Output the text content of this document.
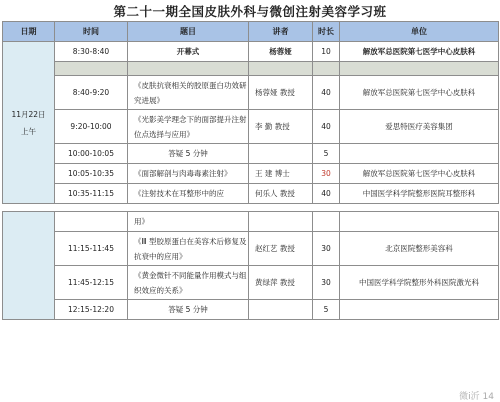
第二十一期全国皮肤外科与微创注射美容学习班
日期	时间	题目	讲者	时长	单位

11月22日
上午	8:30-8:40	开幕式	杨蓉娅	10	解放军总医院第七医学中心皮肤科

	8:40-9:20	《皮肤抗衰相关的胶原蛋白功效研究进展》	杨蓉娅 教授	40	解放军总医院第七医学中心皮肤科
	9:20-10:00	《光影美学理念下的面部提升注射位点选择与应用》	李 勤 教授	40	爱思特医疗美容集团
	10:00-10:05	答疑 5 分钟		5	
	10:05-10:35	《面部解剖与肉毒毒素注射》	王 建 博士	30	解放军总医院第七医学中心皮肤科
	10:35-11:15	《注射技术在耳整形中的应	何乐人 教授	40	中国医学科学院整形医院耳整形科

		用》			
	11:15-11:45	《Ⅲ 型胶原蛋白在美容术后修复及抗衰中的应用》	赵红艺 教授	30	北京医院整形美容科
	11:45-12:15	《黄金微针不同能量作用模式与组织效应的关系》	黄绿萍 教授	30	中国医学科学院整形外科医院激光科
	12:15-12:20	答疑 5 分钟		5	
微i沂 14
